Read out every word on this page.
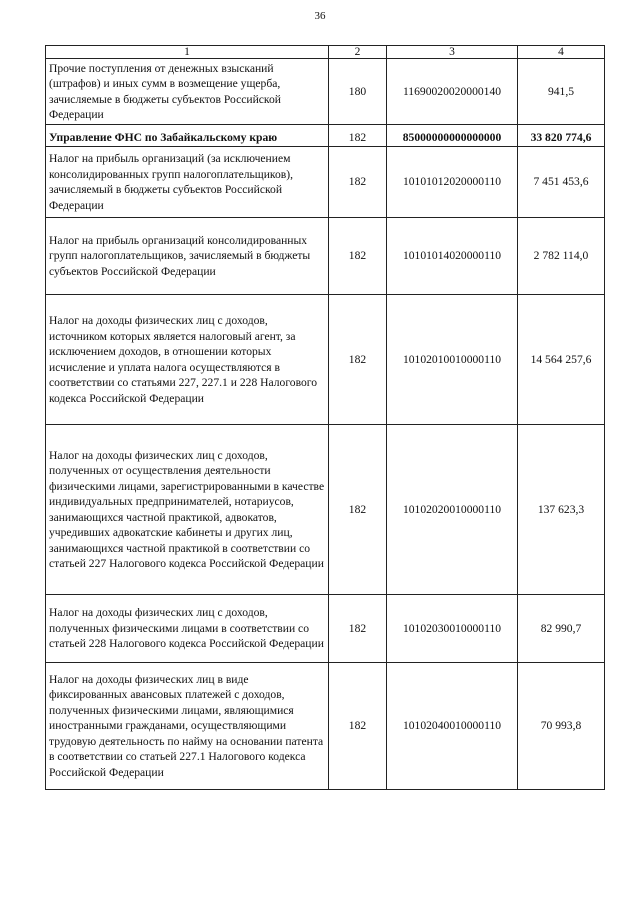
36
1	2	3	4
Прочие поступления от денежных взысканий (штрафов) и иных сумм в возмещение ущерба, зачисляемые в бюджеты субъектов Российской Федерации	180	11690020020000140	941,5
Управление ФНС по Забайкальскому краю	182	85000000000000000	33 820 774,6
Налог на прибыль организаций (за исключением консолидированных групп налогоплательщиков), зачисляемый в бюджеты субъектов Российской Федерации	182	10101012020000110	7 451 453,6
Налог на прибыль организаций консолидированных групп налогоплательщиков, зачисляемый в бюджеты субъектов Российской Федерации	182	10101014020000110	2 782 114,0
Налог на доходы физических лиц с доходов, источником которых является налоговый агент, за исключением доходов, в отношении которых исчисление и уплата налога осуществляются в соответствии со статьями 227, 227.1 и 228 Налогового кодекса Российской Федерации	182	10102010010000110	14 564 257,6
Налог на доходы физических лиц с доходов, полученных от осуществления деятельности физическими лицами, зарегистрированными в качестве индивидуальных предпринимателей, нотариусов, занимающихся частной практикой, адвокатов, учредивших адвокатские кабинеты и других лиц, занимающихся частной практикой в соответствии со статьей 227 Налогового кодекса Российской Федерации	182	10102020010000110	137 623,3
Налог на доходы физических лиц с доходов, полученных физическими лицами в соответствии со статьей 228 Налогового кодекса Российской Федерации	182	10102030010000110	82 990,7
Налог на доходы физических лиц в виде фиксированных авансовых платежей с доходов, полученных физическими лицами, являющимися иностранными гражданами, осуществляющими трудовую деятельность по найму на основании патента в соответствии со статьей 227.1 Налогового кодекса Российской Федерации	182	10102040010000110	70 993,8
